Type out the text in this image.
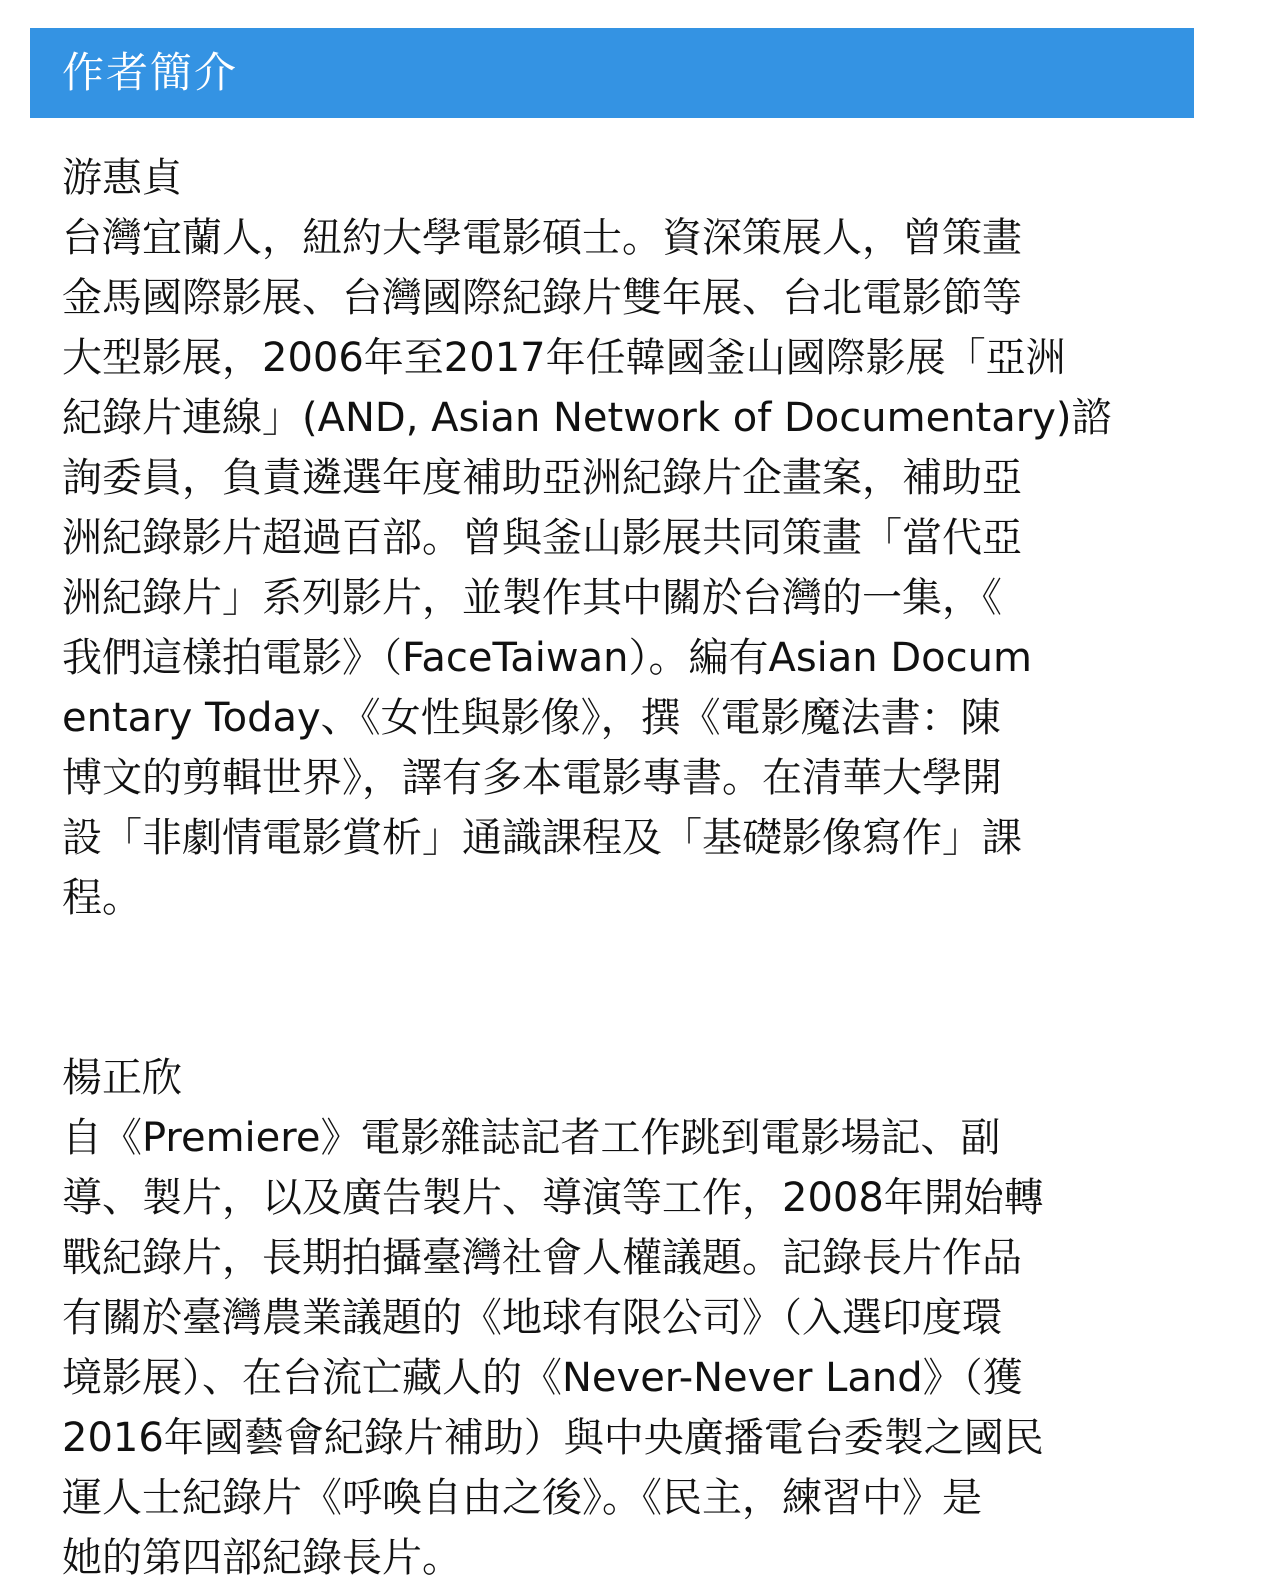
作者簡介
游惠貞
台灣宜蘭人，紐約大學電影碩士。資深策展人，曾策畫
金馬國際影展、台灣國際紀錄片雙年展、台北電影節等
大型影展，2006年至2017年任韓國釜山國際影展「亞洲
紀錄片連線」(AND, Asian Network of Documentary)諮
詢委員，負責遴選年度補助亞洲紀錄片企畫案，補助亞
洲紀錄影片超過百部。曾與釜山影展共同策畫「當代亞
洲紀錄片」系列影片，並製作其中關於台灣的一集，《
我們這樣拍電影》（FaceTaiwan）。編有Asian Docum
entary Today、《女性與影像》，撰《電影魔法書：陳
博文的剪輯世界》，譯有多本電影專書。在清華大學開
設「非劇情電影賞析」通識課程及「基礎影像寫作」課
程。
楊正欣
自《Premiere》電影雜誌記者工作跳到電影場記、副
導、製片，以及廣告製片、導演等工作，2008年開始轉
戰紀錄片，長期拍攝臺灣社會人權議題。記錄長片作品
有關於臺灣農業議題的《地球有限公司》（入選印度環
境影展）、在台流亡藏人的《Never-Never Land》（獲
2016年國藝會紀錄片補助）與中央廣播電台委製之國民
運人士紀錄片《呼喚自由之後》。《民主，練習中》是
她的第四部紀錄長片。
